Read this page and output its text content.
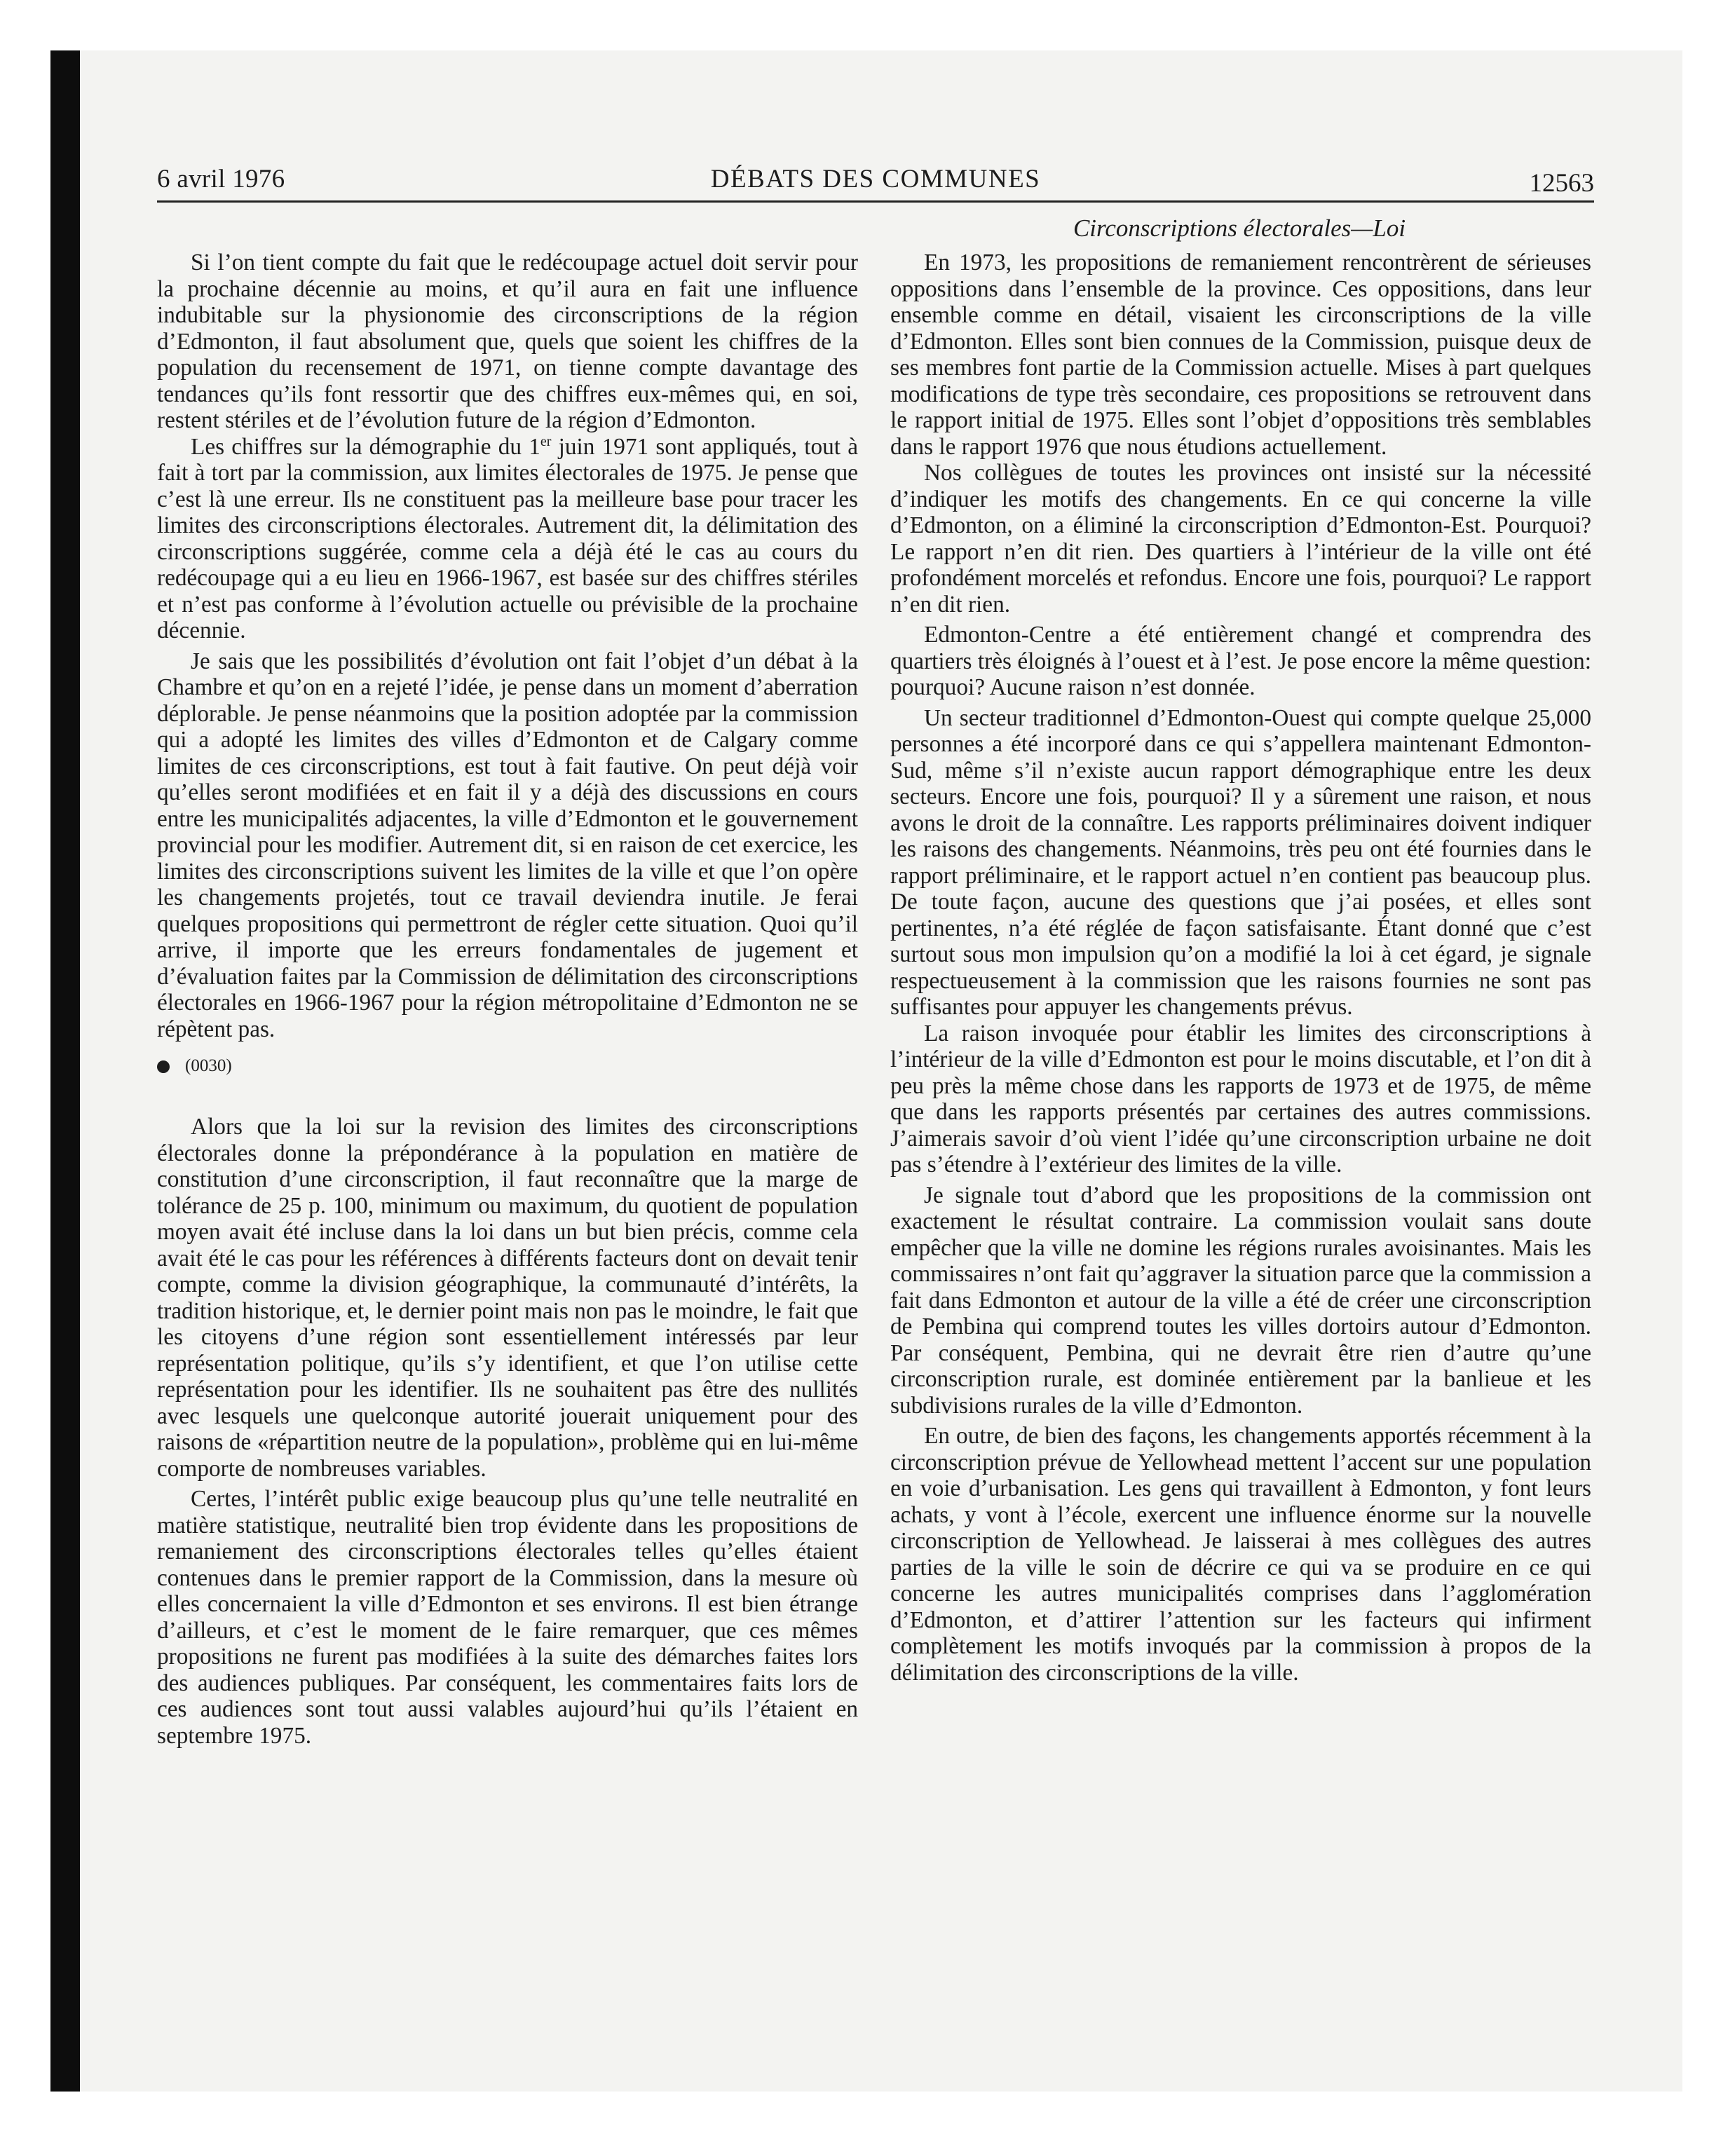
6 avril 1976	DÉBATS DES COMMUNES	12563
Circonscriptions électorales—Loi

Si l’on tient compte du fait que le redécoupage actuel doit servir pour la prochaine décennie au moins, et qu’il aura en fait une influence indubitable sur la physionomie des circonscriptions de la région d’Edmonton, il faut absolument que, quels que soient les chiffres de la population du recensement de 1971, on tienne compte davantage des tendances qu’ils font ressortir que des chiffres eux-mêmes qui, en soi, restent stériles et de l’évolution future de la région d’Edmonton.

Les chiffres sur la démographie du 1er juin 1971 sont appliqués, tout à fait à tort par la commission, aux limites électorales de 1975. Je pense que c’est là une erreur. Ils ne constituent pas la meilleure base pour tracer les limites des circonscriptions électorales. Autrement dit, la délimitation des circonscriptions suggérée, comme cela a déjà été le cas au cours du redécoupage qui a eu lieu en 1966-1967, est basée sur des chiffres stériles et n’est pas conforme à l’évolution actuelle ou prévisible de la prochaine décennie.

Je sais que les possibilités d’évolution ont fait l’objet d’un débat à la Chambre et qu’on en a rejeté l’idée, je pense dans un moment d’aberration déplorable. Je pense néanmoins que la position adoptée par la commission qui a adopté les limites des villes d’Edmonton et de Calgary comme limites de ces circonscriptions, est tout à fait fautive. On peut déjà voir qu’elles seront modifiées et en fait il y a déjà des discussions en cours entre les municipalités adjacentes, la ville d’Edmonton et le gouvernement provincial pour les modifier. Autrement dit, si en raison de cet exercice, les limites des circonscriptions suivent les limites de la ville et que l’on opère les changements projetés, tout ce travail deviendra inutile. Je ferai quelques propositions qui permettront de régler cette situation. Quoi qu’il arrive, il importe que les erreurs fondamentales de jugement et d’évaluation faites par la Commission de délimitation des circonscriptions électorales en 1966-1967 pour la région métropolitaine d’Edmonton ne se répètent pas.

(0030)

Alors que la loi sur la revision des limites des circonscriptions électorales donne la prépondérance à la population en matière de constitution d’une circonscription, il faut reconnaître que la marge de tolérance de 25 p. 100, minimum ou maximum, du quotient de population moyen avait été incluse dans la loi dans un but bien précis, comme cela avait été le cas pour les références à différents facteurs dont on devait tenir compte, comme la division géographique, la communauté d’intérêts, la tradition historique, et, le dernier point mais non pas le moindre, le fait que les citoyens d’une région sont essentiellement intéressés par leur représentation politique, qu’ils s’y identifient, et que l’on utilise cette représentation pour les identifier. Ils ne souhaitent pas être des nullités avec lesquels une quelconque autorité jouerait uniquement pour des raisons de «répartition neutre de la population», problème qui en lui-même comporte de nombreuses variables.

Certes, l’intérêt public exige beaucoup plus qu’une telle neutralité en matière statistique, neutralité bien trop évidente dans les propositions de remaniement des circonscriptions électorales telles qu’elles étaient contenues dans le premier rapport de la Commission, dans la mesure où elles concernaient la ville d’Edmonton et ses environs. Il est bien étrange d’ailleurs, et c’est le moment de le faire remarquer, que ces mêmes propositions ne furent pas modifiées à la suite des démarches faites lors des audiences publiques. Par conséquent, les commentaires faits lors de ces audiences sont tout aussi valables aujourd’hui qu’ils l’étaient en septembre 1975.

En 1973, les propositions de remaniement rencontrèrent de sérieuses oppositions dans l’ensemble de la province. Ces oppositions, dans leur ensemble comme en détail, visaient les circonscriptions de la ville d’Edmonton. Elles sont bien connues de la Commission, puisque deux de ses membres font partie de la Commission actuelle. Mises à part quelques modifications de type très secondaire, ces propositions se retrouvent dans le rapport initial de 1975. Elles sont l’objet d’oppositions très semblables dans le rapport 1976 que nous étudions actuellement.

Nos collègues de toutes les provinces ont insisté sur la nécessité d’indiquer les motifs des changements. En ce qui concerne la ville d’Edmonton, on a éliminé la circonscription d’Edmonton-Est. Pourquoi? Le rapport n’en dit rien. Des quartiers à l’intérieur de la ville ont été profondément morcelés et refondus. Encore une fois, pourquoi? Le rapport n’en dit rien.

Edmonton-Centre a été entièrement changé et comprendra des quartiers très éloignés à l’ouest et à l’est. Je pose encore la même question: pourquoi? Aucune raison n’est donnée.

Un secteur traditionnel d’Edmonton-Ouest qui compte quelque 25,000 personnes a été incorporé dans ce qui s’appellera maintenant Edmonton-Sud, même s’il n’existe aucun rapport démographique entre les deux secteurs. Encore une fois, pourquoi? Il y a sûrement une raison, et nous avons le droit de la connaître. Les rapports préliminaires doivent indiquer les raisons des changements. Néanmoins, très peu ont été fournies dans le rapport préliminaire, et le rapport actuel n’en contient pas beaucoup plus. De toute façon, aucune des questions que j’ai posées, et elles sont pertinentes, n’a été réglée de façon satisfaisante. Étant donné que c’est surtout sous mon impulsion qu’on a modifié la loi à cet égard, je signale respectueusement à la commission que les raisons fournies ne sont pas suffisantes pour appuyer les changements prévus.

La raison invoquée pour établir les limites des circonscriptions à l’intérieur de la ville d’Edmonton est pour le moins discutable, et l’on dit à peu près la même chose dans les rapports de 1973 et de 1975, de même que dans les rapports présentés par certaines des autres commissions. J’aimerais savoir d’où vient l’idée qu’une circonscription urbaine ne doit pas s’étendre à l’extérieur des limites de la ville.

Je signale tout d’abord que les propositions de la commission ont exactement le résultat contraire. La commission voulait sans doute empêcher que la ville ne domine les régions rurales avoisinantes. Mais les commissaires n’ont fait qu’aggraver la situation parce que la commission a fait dans Edmonton et autour de la ville a été de créer une circonscription de Pembina qui comprend toutes les villes dortoirs autour d’Edmonton. Par conséquent, Pembina, qui ne devrait être rien d’autre qu’une circonscription rurale, est dominée entièrement par la banlieue et les subdivisions rurales de la ville d’Edmonton.

En outre, de bien des façons, les changements apportés récemment à la circonscription prévue de Yellowhead mettent l’accent sur une population en voie d’urbanisation. Les gens qui travaillent à Edmonton, y font leurs achats, y vont à l’école, exercent une influence énorme sur la nouvelle circonscription de Yellowhead. Je laisserai à mes collègues des autres parties de la ville le soin de décrire ce qui va se produire en ce qui concerne les autres municipalités comprises dans l’agglomération d’Edmonton, et d’attirer l’attention sur les facteurs qui infirment complètement les motifs invoqués par la commission à propos de la délimitation des circonscriptions de la ville.
